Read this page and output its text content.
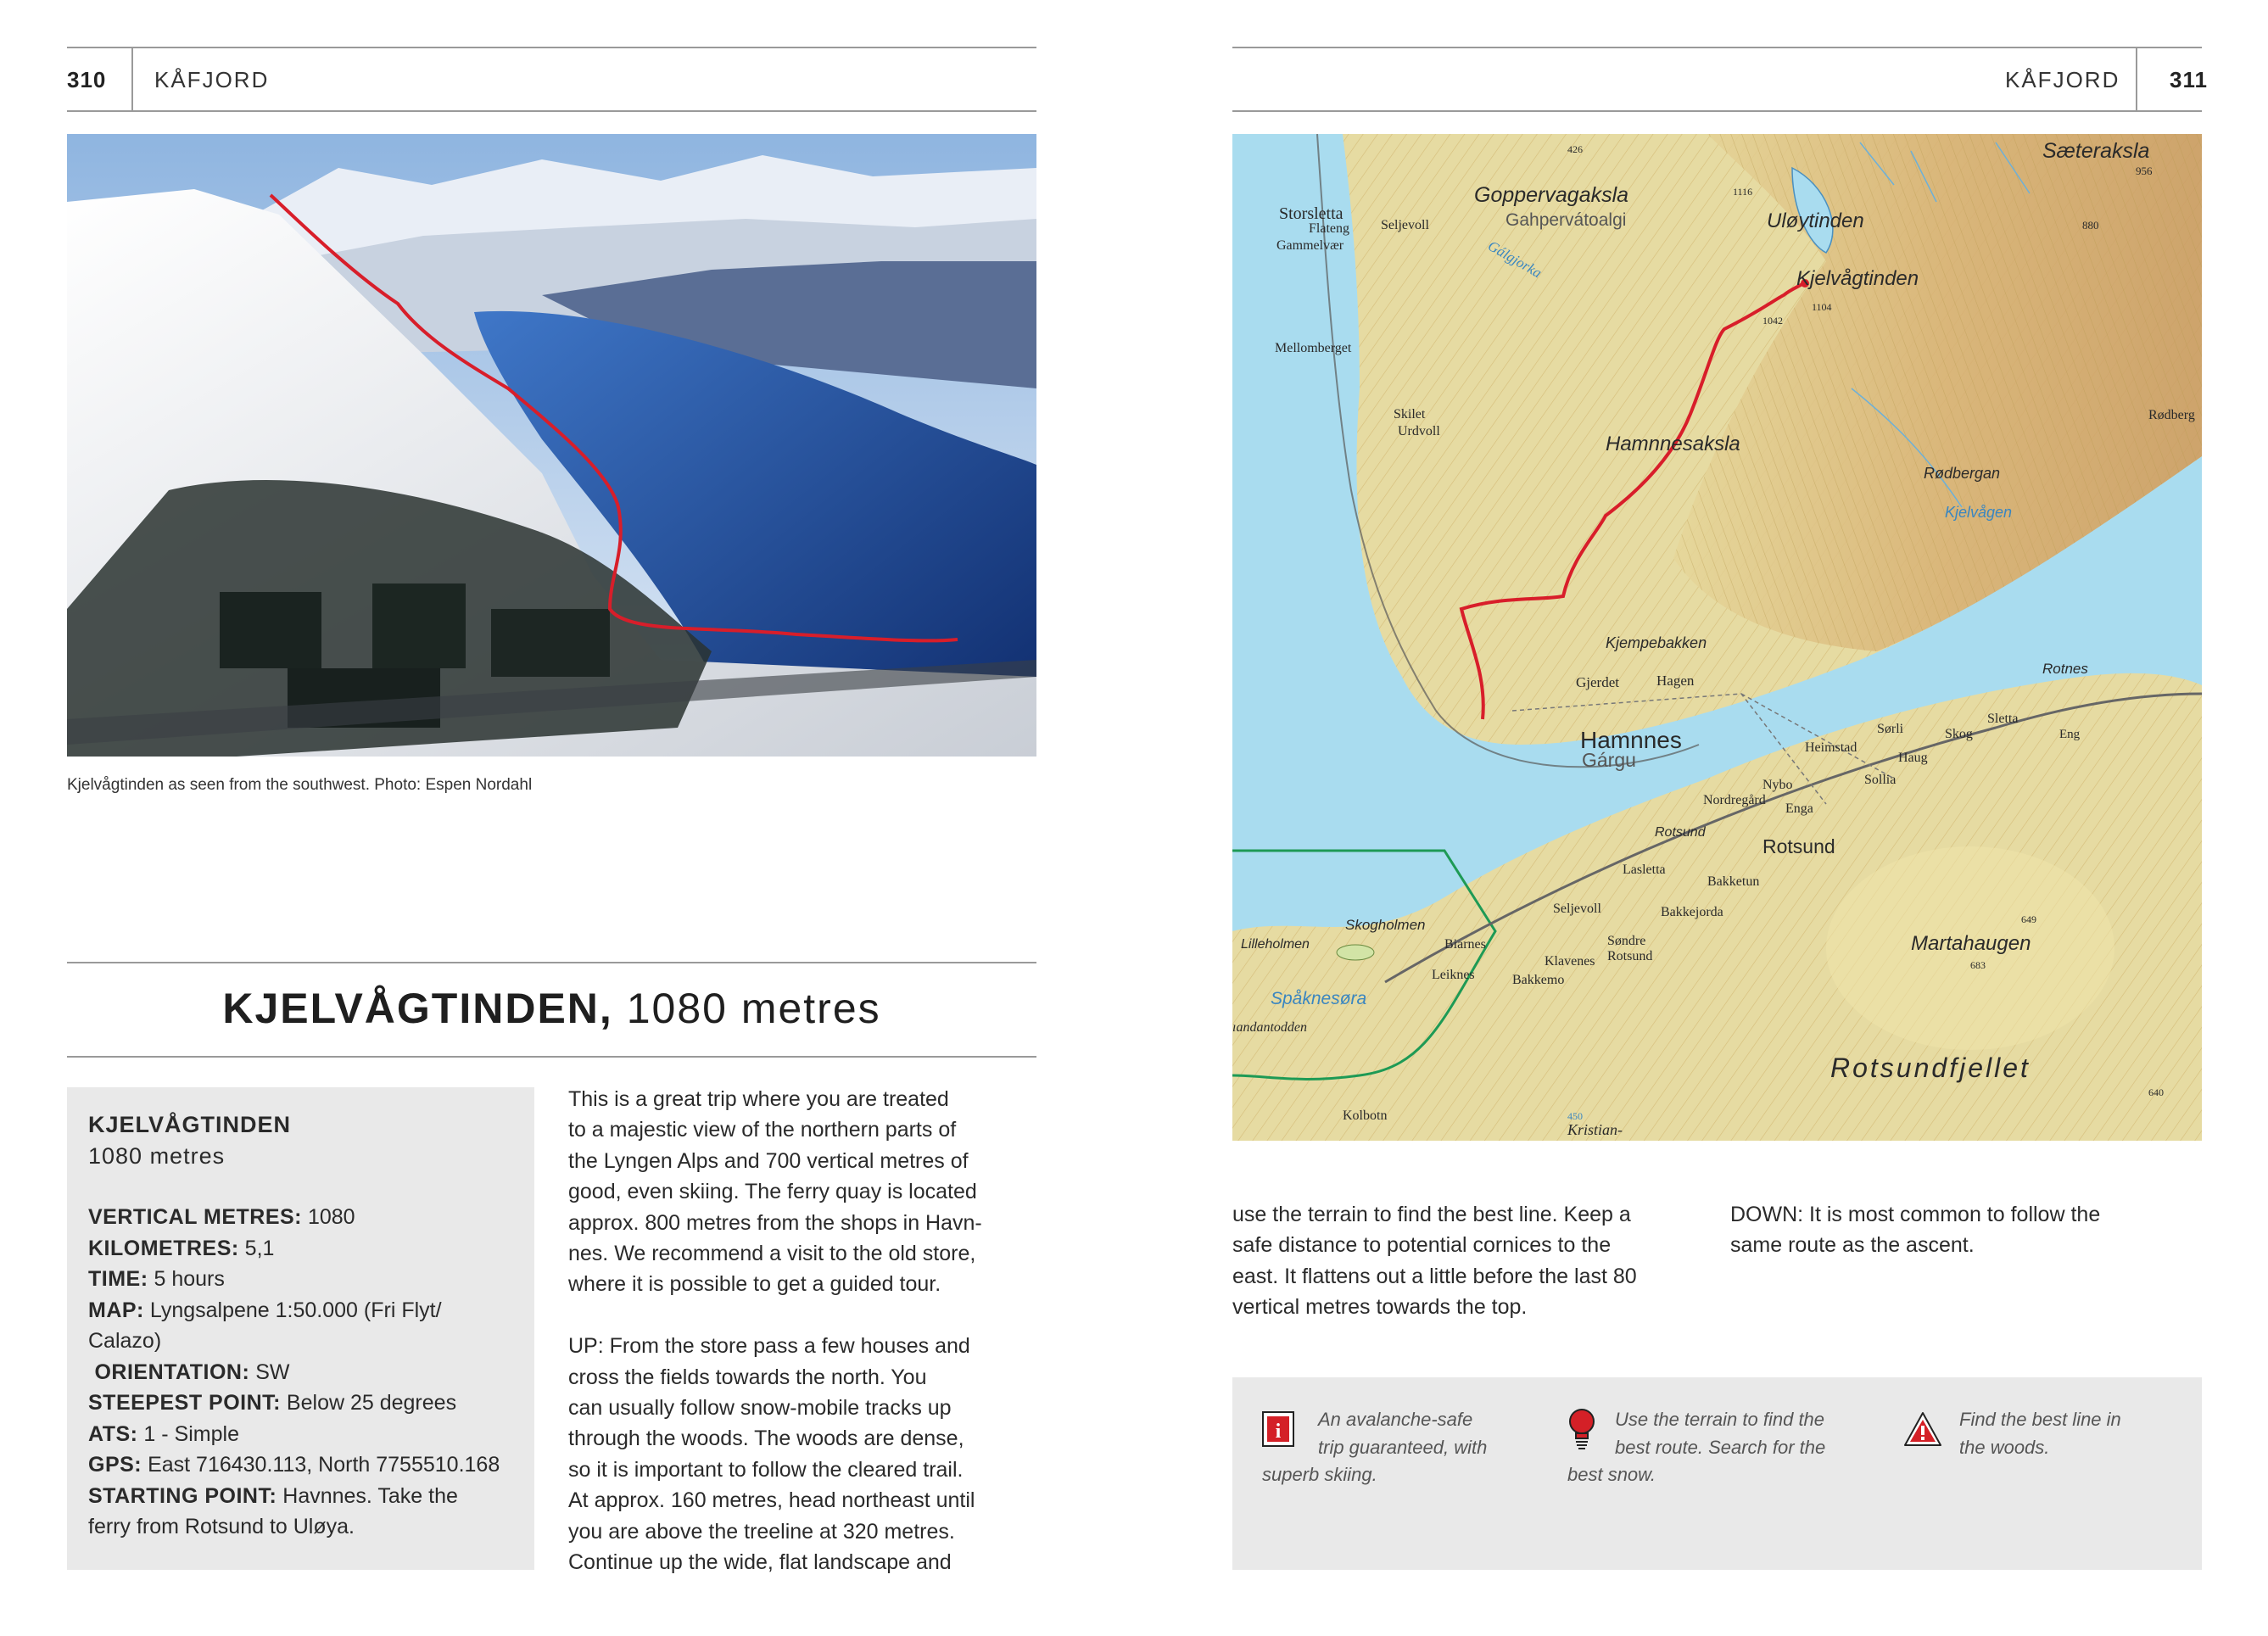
310 KÅFJORD
Kjelvågtinden as seen from the southwest. Photo: Espen Nordahl
KJELVÅGTINDEN, 1080 metres
KJELVÅGTINDEN
1080 metres
VERTICAL METRES: 1080
KILOMETRES: 5,1
TIME: 5 hours
MAP: Lyngsalpene 1:50.000 (Fri Flyt/
Calazo)
ORIENTATION: SW
STEEPEST POINT: Below 25 degrees
ATS: 1 - Simple
GPS: East 716430.113, North 7755510.168
STARTING POINT: Havnnes. Take the
ferry from Rotsund to Uløya.

This is a great trip where you are treated

to a majestic view of the northern parts of

the Lyngen Alps and 700 vertical metres of

good, even skiing. The ferry quay is located

approx. 800 metres from the shops in Havn-

nes. We recommend a visit to the old store,

where it is possible to get a guided tour.

UP: From the store pass a few houses and

cross the fields towards the north. You

can usually follow snow-mobile tracks up

through the woods. The woods are dense,

so it is important to follow the cleared trail.

At approx. 160 metres, head northeast until

you are above the treeline at 320 metres.

Continue up the wide, flat landscape and

KÅFJORD 311
Sæteraksla
956
Storsletta
Flateng
Gammelvær
Seljevoll
Goppervagaksla
Gahpervátoalgi
Gálgjorka
Uløytinden
1116
880
Kjelvågtinden
1104
1042
Mellomberget
Skilet
Urdvoll
Hamnnesaksla
Rødberg
Rødbergan
Kjelvågen
Kjempebakken
Gjerdet	Hagen
Hamnnes
Gárgu
Rotnes
Sørli
Sletta
Heimstad
Skog	Eng
Haug
Sollia
Nybo
Nordregård
Enga
Rotsund
Rotsund
Lasletta
Bakketun
Seljevoll	Bakkejorda
Skogholmen
Lilleholmen	Biarnes	Søndre
Rotsund
Leiknes
Klavenes
Bakkemo
Martahaugen
649
683
Spåknesøra
ıandantodden
Rotsundfjellet
640
Kolbotn	450
426
Kristian-

use the terrain to find the best line. Keep a

safe distance to potential cornices to the

east. It flattens out a little before the last 80

vertical metres towards the top.

DOWN: It is most common to follow the

same route as the ascent.

i
An avalanche-safe
trip guaranteed, with
superb skiing.
Use the terrain to find the
best route. Search for the
best snow.
Find the best line in
the woods.
